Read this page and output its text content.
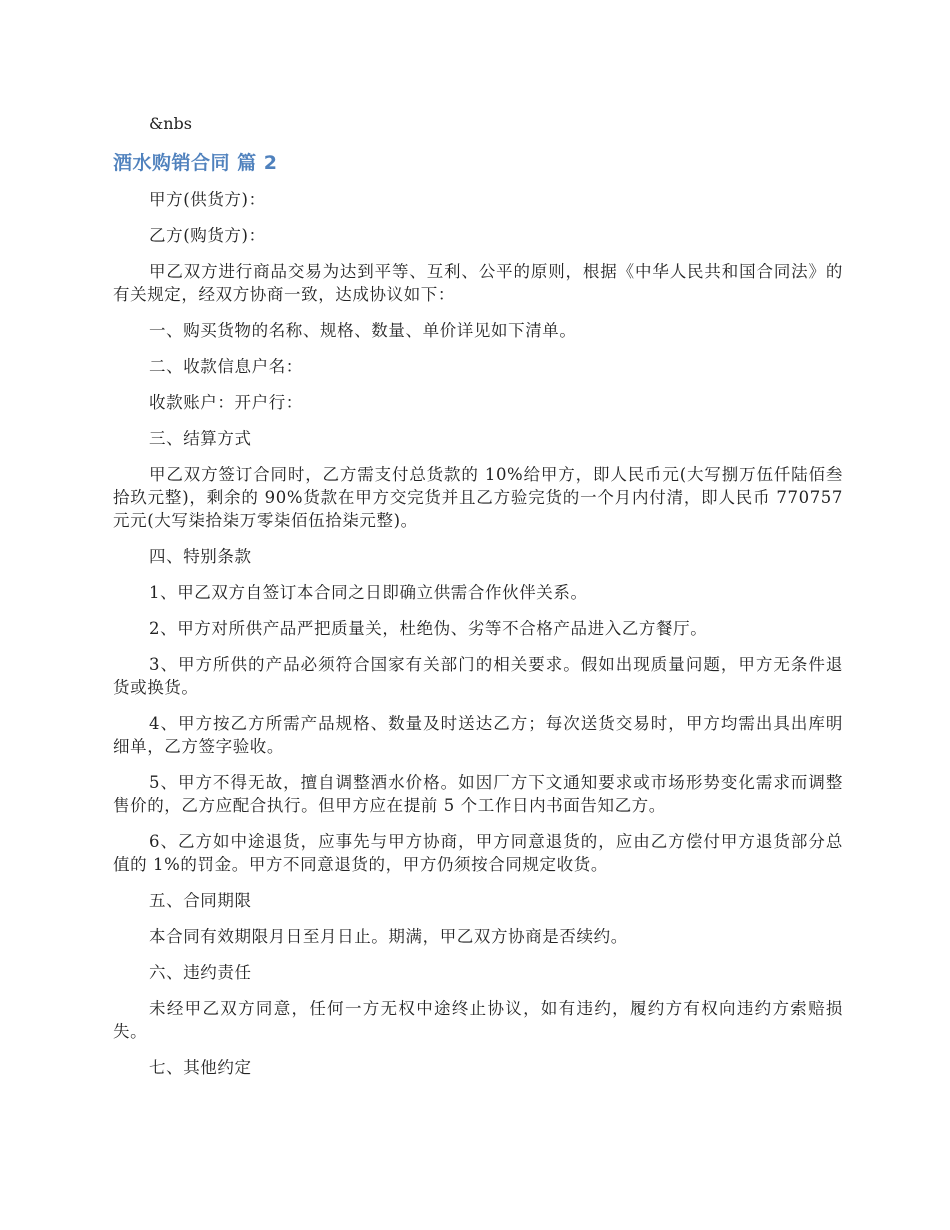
&nbs

酒水购销合同 篇 2

甲方(供货方)：

乙方(购货方)：

甲乙双方进行商品交易为达到平等、互利、公平的原则，根据《中华人民共和国合同法》的有关规定，经双方协商一致，达成协议如下：

一、购买货物的名称、规格、数量、单价详见如下清单。

二、收款信息户名：

收款账户：开户行：

三、结算方式

甲乙双方签订合同时，乙方需支付总货款的 10%给甲方，即人民币元(大写捌万伍仟陆佰叁拾玖元整)，剩余的 90%货款在甲方交完货并且乙方验完货的一个月内付清，即人民币 770757 元元(大写柒拾柒万零柒佰伍拾柒元整)。

四、特别条款

1、甲乙双方自签订本合同之日即确立供需合作伙伴关系。

2、甲方对所供产品严把质量关，杜绝伪、劣等不合格产品进入乙方餐厅。

3、甲方所供的产品必须符合国家有关部门的相关要求。假如出现质量问题，甲方无条件退货或换货。

4、甲方按乙方所需产品规格、数量及时送达乙方；每次送货交易时，甲方均需出具出库明细单，乙方签字验收。

5、甲方不得无故，擅自调整酒水价格。如因厂方下文通知要求或市场形势变化需求而调整售价的，乙方应配合执行。但甲方应在提前 5 个工作日内书面告知乙方。

6、乙方如中途退货，应事先与甲方协商，甲方同意退货的，应由乙方偿付甲方退货部分总值的 1%的罚金。甲方不同意退货的，甲方仍须按合同规定收货。

五、合同期限

本合同有效期限月日至月日止。期满，甲乙双方协商是否续约。

六、违约责任

未经甲乙双方同意，任何一方无权中途终止协议，如有违约，履约方有权向违约方索赔损失。

七、其他约定
